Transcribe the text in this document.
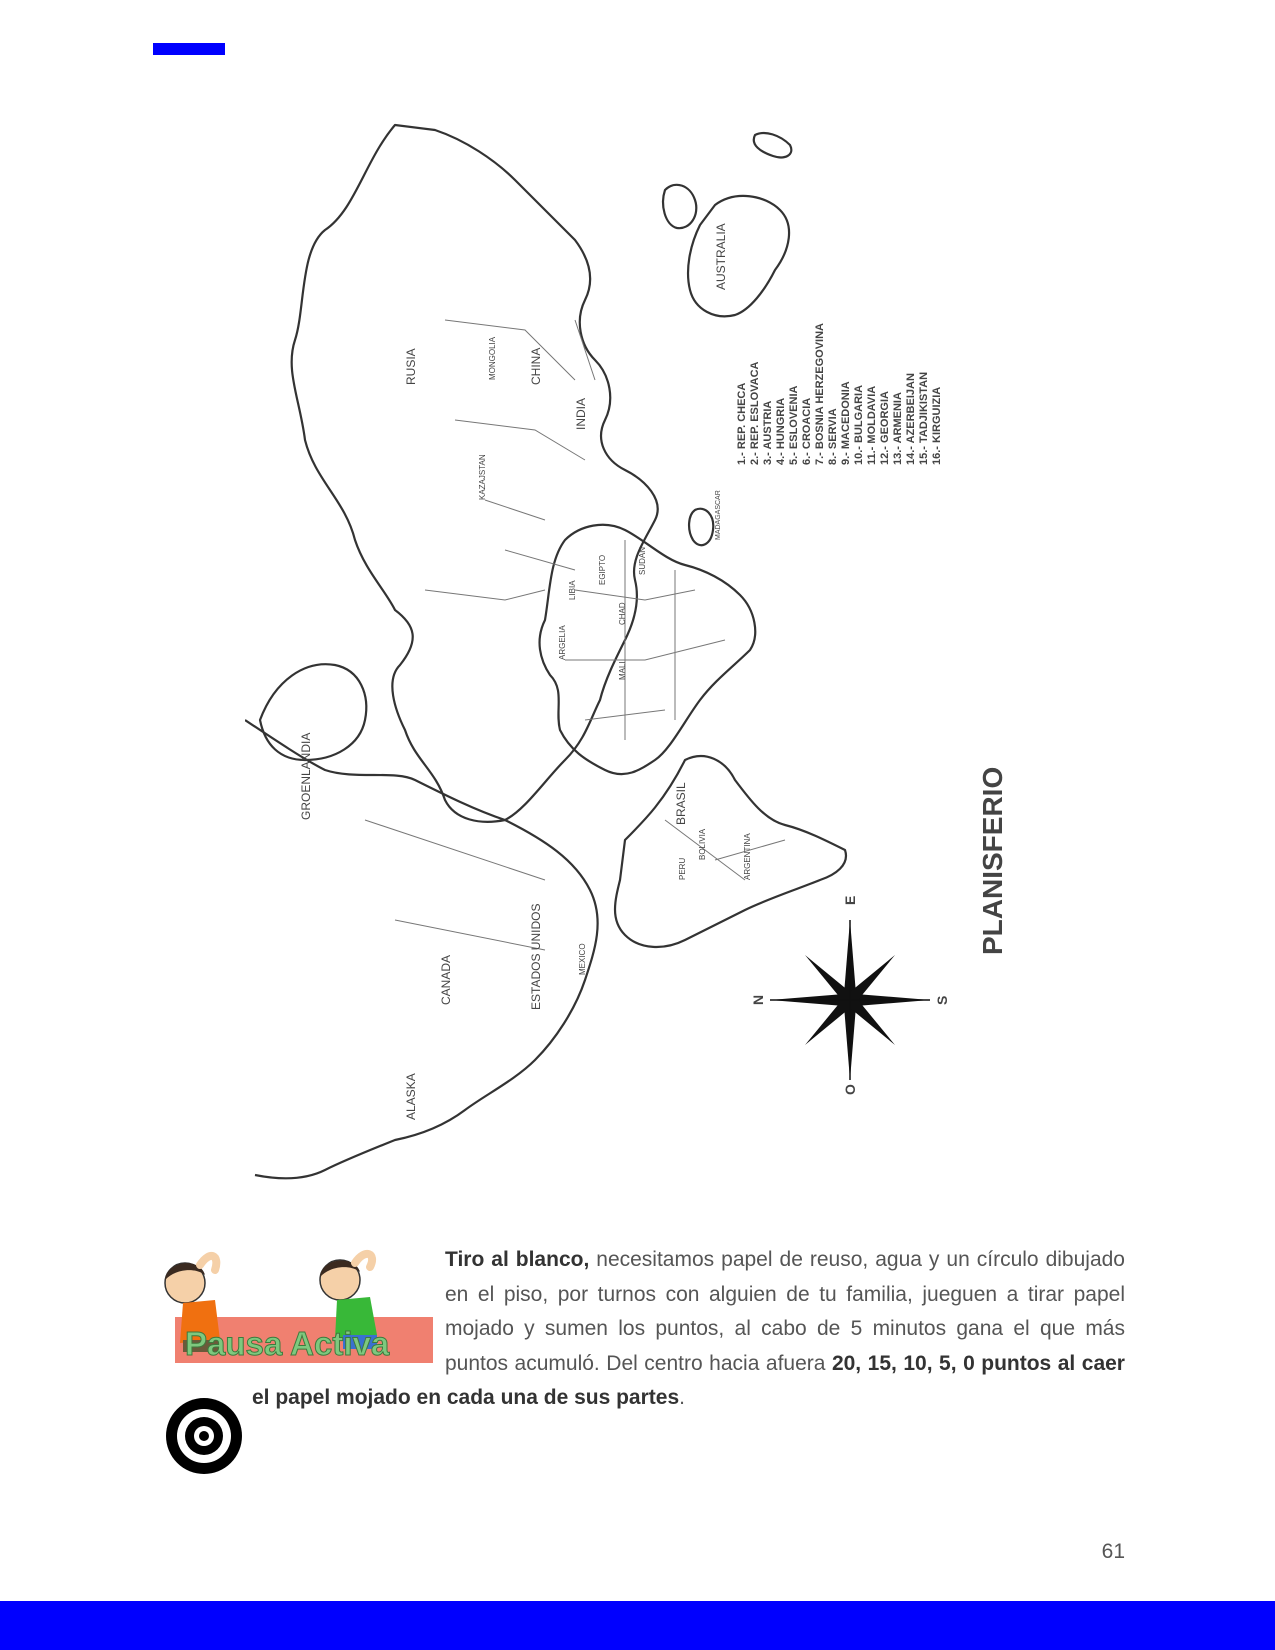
RUSIA	CHINA
INDIA
MONGOLIA
KAZAJSTAN
AUSTRALIA
GROENLANDIA
CANADA	ESTADOS UNIDOS
ALASKA
MEXICO
BRASIL
ARGENTINA
PERU
BOLIVIA
LIBIA
ARGELIA
EGIPTO
CHAD
SUDAN
MALI
MADAGASCAR
1.- REP. CHECA 2.- REP. ESLOVACA 3.- AUSTRIA 4.- HUNGRIA 5.- ESLOVENIA 6.- CROACIA 7.- BOSNIA HERZEGOVINA 8.- SERVIA 9.- MACEDONIA 10.- BULGARIA 11.- MOLDAVIA 12.- GEORGIA 13.- ARMENIA 14.- AZERBEIJAN 15.- TADJIKISTAN 16.- KIRGUIZIA
N	S
E
O
PLANISFERIO
Pausa Activa
Tiro al blanco, necesitamos papel de reuso, agua y un círculo dibujado en el piso, por turnos con alguien de tu familia, jueguen a tirar papel mojado y sumen los puntos, al cabo de 5 minutos gana el que más puntos acumuló. Del centro hacia afuera 20, 15, 10, 5, 0 puntos al caer el papel mojado en cada una de sus partes.
61
